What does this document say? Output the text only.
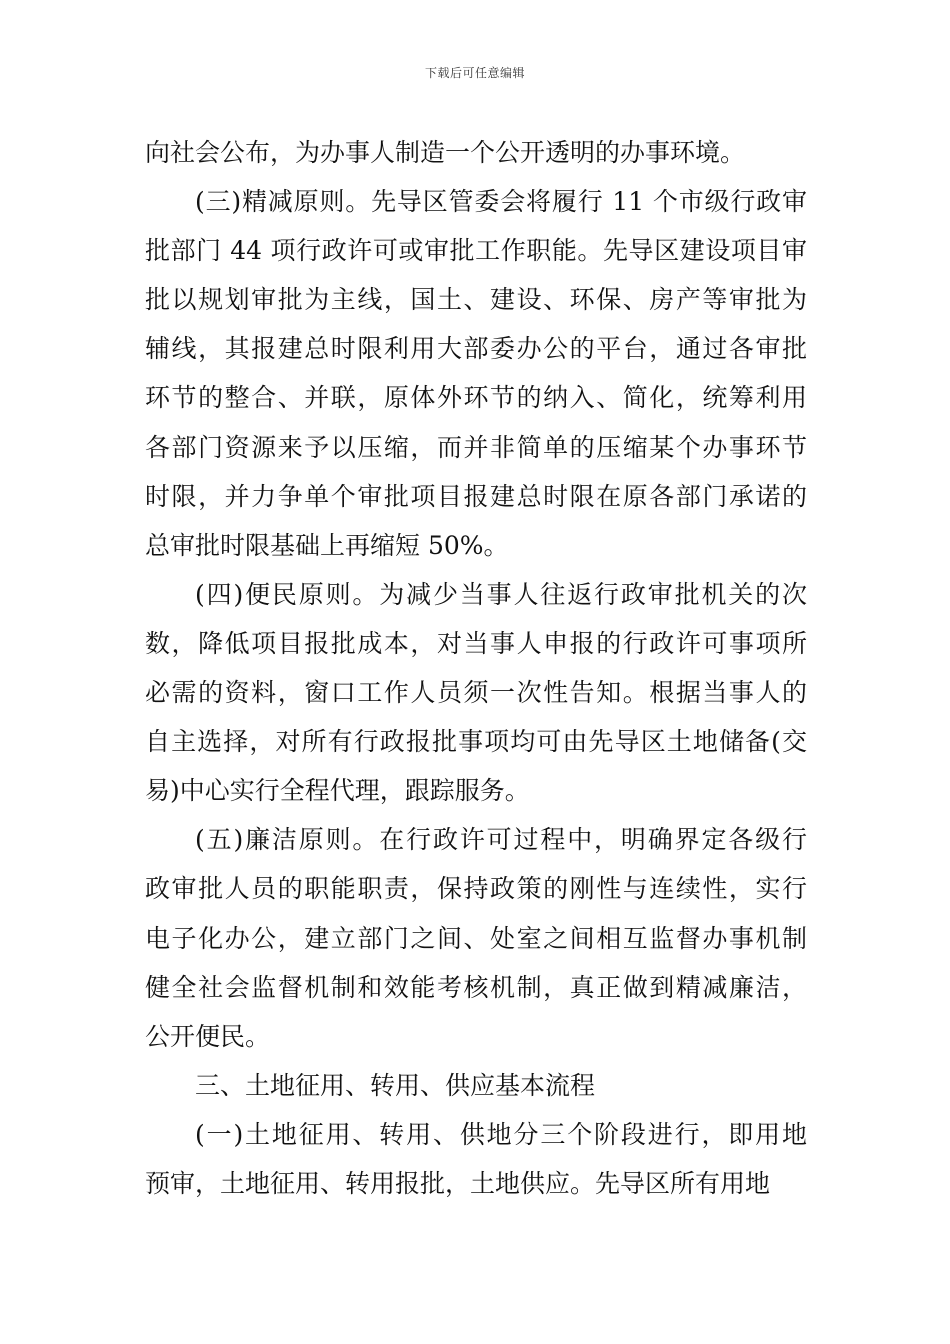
下载后可任意编辑
向社会公布，为办事人制造一个公开透明的办事环境。
(三)精减原则。先导区管委会将履行 11 个市级行政审
批部门 44 项行政许可或审批工作职能。先导区建设项目审
批以规划审批为主线，国土、建设、环保、房产等审批为
辅线，其报建总时限利用大部委办公的平台，通过各审批
环节的整合、并联，原体外环节的纳入、简化，统筹利用
各部门资源来予以压缩，而并非简单的压缩某个办事环节
时限，并力争单个审批项目报建总时限在原各部门承诺的
总审批时限基础上再缩短 50%。
(四)便民原则。为减少当事人往返行政审批机关的次
数，降低项目报批成本，对当事人申报的行政许可事项所
必需的资料，窗口工作人员须一次性告知。根据当事人的
自主选择，对所有行政报批事项均可由先导区土地储备(交
易)中心实行全程代理，跟踪服务。
(五)廉洁原则。在行政许可过程中，明确界定各级行
政审批人员的职能职责，保持政策的刚性与连续性，实行
电子化办公，建立部门之间、处室之间相互监督办事机制
健全社会监督机制和效能考核机制，真正做到精减廉洁，
公开便民。
三、土地征用、转用、供应基本流程
(一)土地征用、转用、供地分三个阶段进行，即用地
预审，土地征用、转用报批，土地供应。先导区所有用地
